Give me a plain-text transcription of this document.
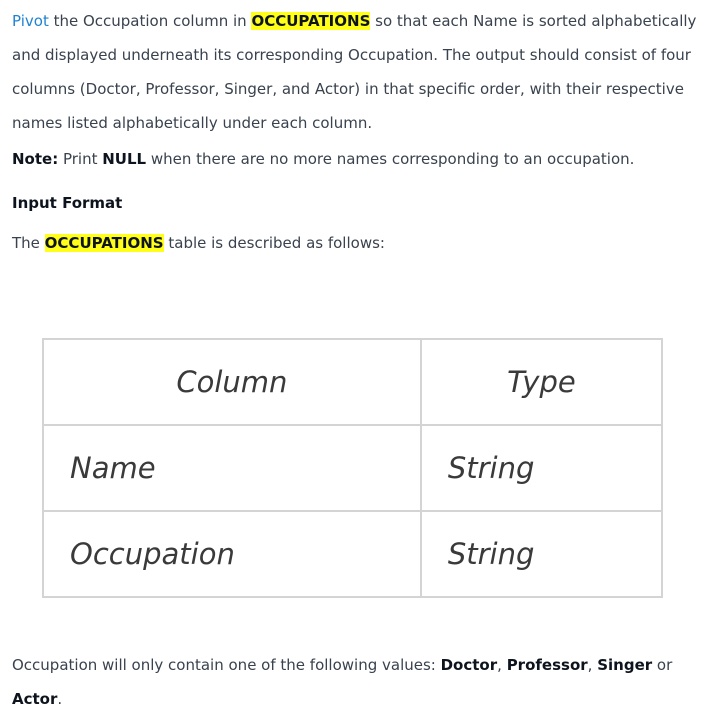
Pivot the Occupation column in OCCUPATIONS so that each Name is sorted alphabetically and displayed underneath its corresponding Occupation. The output should consist of four columns (Doctor, Professor, Singer, and Actor) in that specific order, with their respective names listed alphabetically under each column.

Note: Print NULL when there are no more names corresponding to an occupation.

Input Format

The OCCUPATIONS table is described as follows:

Column	Type
Name	String
Occupation	String

Occupation will only contain one of the following values: Doctor, Professor, Singer or Actor.
